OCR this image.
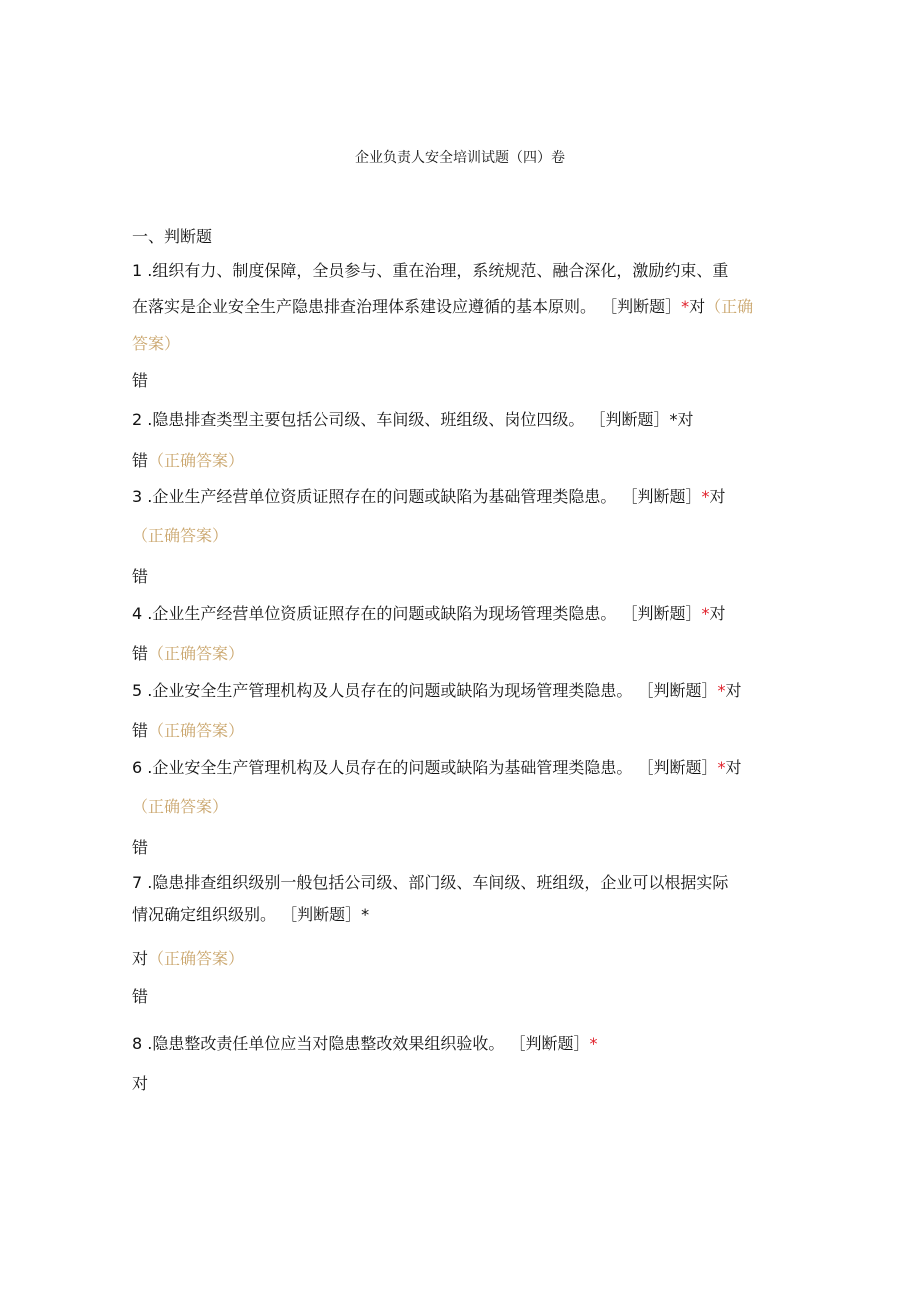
企业负责人安全培训试题（四）卷
一、判断题
1 .组织有力、制度保障，全员参与、重在治理，系统规范、融合深化，激励约束、重
在落实是企业安全生产隐患排查治理体系建设应遵循的基本原则。 ［判断题］*对（正确
答案）
错
2 .隐患排查类型主要包括公司级、车间级、班组级、岗位四级。 ［判断题］*对
错（正确答案）
3 .企业生产经营单位资质证照存在的问题或缺陷为基础管理类隐患。 ［判断题］*对
（正确答案）
错
4 .企业生产经营单位资质证照存在的问题或缺陷为现场管理类隐患。 ［判断题］*对
错（正确答案）
5 .企业安全生产管理机构及人员存在的问题或缺陷为现场管理类隐患。 ［判断题］*对
错（正确答案）
6 .企业安全生产管理机构及人员存在的问题或缺陷为基础管理类隐患。 ［判断题］*对
（正确答案）
错
7 .隐患排查组织级别一般包括公司级、部门级、车间级、班组级，企业可以根据实际
情况确定组织级别。 ［判断题］*
对（正确答案）
错
8 .隐患整改责任单位应当对隐患整改效果组织验收。 ［判断题］*
对
